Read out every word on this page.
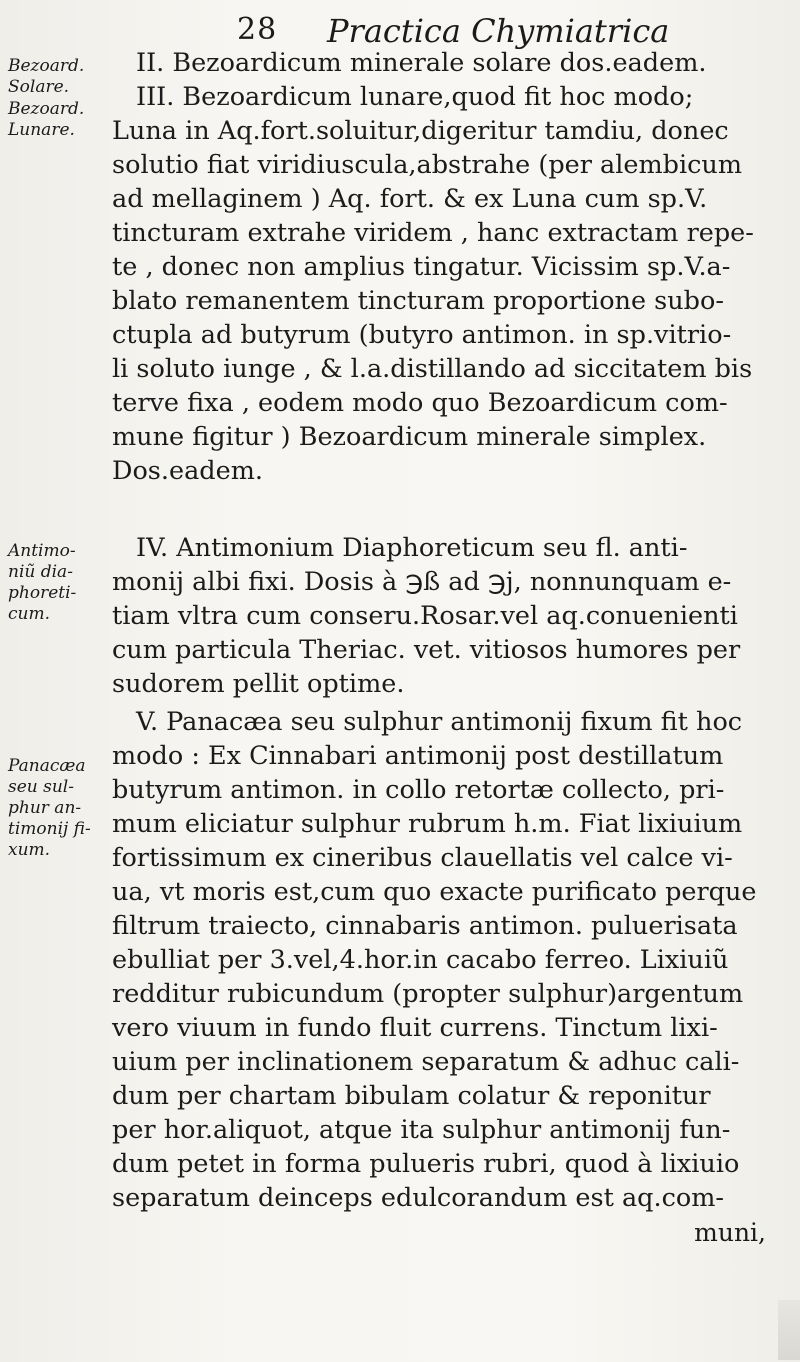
28 Practica Chymiatrica
Bezoard.
Solare.
Bezoard.
Lunare.
Antimo-
niũ dia-
phoreti-
cum.
Panacæa
seu sul-
phur an-
timonij fi-
xum.
II. Bezoardicum minerale solare dos.eadem.
III. Bezoardicum lunare,quod fit hoc modo;
Luna in Aq.fort.soluitur,digeritur tamdiu, donec
solutio fiat viridiuscula,abstrahe (per alembicum
ad mellaginem ) Aq. fort. & ex Luna cum sp.V.
tincturam extrahe viridem , hanc extractam repe-
te , donec non amplius tingatur. Vicissim sp.V.a-
blato remanentem tincturam proportione subo-
ctupla ad butyrum (butyro antimon. in sp.vitrio-
li soluto iunge , & l.a.distillando ad siccitatem bis
terve fixa , eodem modo quo Bezoardicum com-
mune figitur ) Bezoardicum minerale simplex.
Dos.eadem.
IV. Antimonium Diaphoreticum seu fl. anti-
monij albi fixi. Dosis à ℈ß ad ℈j, nonnunquam e-
tiam vltra cum conseru.Rosar.vel aq.conuenienti
cum particula Theriac. vet. vitiosos humores per
sudorem pellit optime.
V. Panacæa seu sulphur antimonij fixum fit hoc
modo : Ex Cinnabari antimonij post destillatum
butyrum antimon. in collo retortæ collecto, pri-
mum eliciatur sulphur rubrum h.m. Fiat lixiuium
fortissimum ex cineribus clauellatis vel calce vi-
ua, vt moris est,cum quo exacte purificato perque
filtrum traiecto, cinnabaris antimon. puluerisata
ebulliat per 3.vel,4.hor.in cacabo ferreo. Lixiuiũ
redditur rubicundum (propter sulphur)argentum
vero viuum in fundo fluit currens. Tinctum lixi-
uium per inclinationem separatum & adhuc cali-
dum per chartam bibulam colatur & reponitur
per hor.aliquot, atque ita sulphur antimonij fun-
dum petet in forma pulueris rubri, quod à lixiuio
separatum deinceps edulcorandum est aq.com-
muni,
